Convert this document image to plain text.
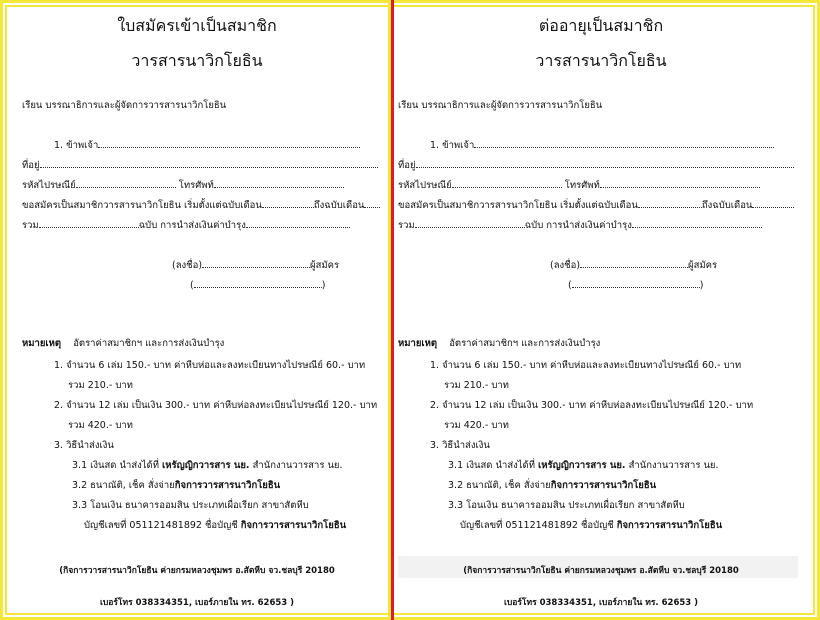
ใบสมัครเข้าเป็นสมาชิก
วารสารนาวิกโยธิน
เรียน บรรณาธิการและผู้จัดการวารสารนาวิกโยธิน
1. ข้าพเจ้า
ที่อยู่
รหัสไปรษณีย์	โทรศัพท์
ขอสมัครเป็นสมาชิกวารสารนาวิกโยธิน เริ่มตั้งแต่ฉบับเดือน	ถึงฉบับเดือน
รวม	ฉบับ การนำส่งเงินค่าบำรุง
(ลงชื่อ)	ผู้สมัคร
(	)
หมายเหตุ อัตราค่าสมาชิกฯ และการส่งเงินบำรุง
1. จำนวน 6 เล่ม 150.- บาท ค่าหีบห่อและลงทะเบียนทางไปรษณีย์ 60.- บาท
รวม 210.- บาท
2. จำนวน 12 เล่ม เป็นเงิน 300.- บาท ค่าหีบห่อลงทะเบียนไปรษณีย์ 120.- บาท
รวม 420.- บาท
3. วิธีนำส่งเงิน
3.1 เงินสด นำส่งได้ที่ เหรัญญิกวารสาร นย. สำนักงานวารสาร นย.
3.2 ธนาณัติ, เช็ค สั่งจ่ายกิจการวารสารนาวิกโยธิน
3.3 โอนเงิน ธนาคารออมสิน ประเภทเผื่อเรียก สาขาสัตหีบ
บัญชีเลขที่ 051121481892 ชื่อบัญชี กิจการวารสารนาวิกโยธิน
(กิจการวารสารนาวิกโยธิน ค่ายกรมหลวงชุมพร อ.สัตหีบ จว.ชลบุรี 20180
เบอร์โทร 038334351, เบอร์ภายใน ทร. 62653 )
ต่ออายุเป็นสมาชิก
วารสารนาวิกโยธิน
เรียน บรรณาธิการและผู้จัดการวารสารนาวิกโยธิน
1. ข้าพเจ้า
ที่อยู่
รหัสไปรษณีย์	โทรศัพท์
ขอสมัครเป็นสมาชิกวารสารนาวิกโยธิน เริ่มตั้งแต่ฉบับเดือน	ถึงฉบับเดือน
รวม	ฉบับ การนำส่งเงินค่าบำรุง
(ลงชื่อ)	ผู้สมัคร
(	)
หมายเหตุ อัตราค่าสมาชิกฯ และการส่งเงินบำรุง
1. จำนวน 6 เล่ม 150.- บาท ค่าหีบห่อและลงทะเบียนทางไปรษณีย์ 60.- บาท
รวม 210.- บาท
2. จำนวน 12 เล่ม เป็นเงิน 300.- บาท ค่าหีบห่อลงทะเบียนไปรษณีย์ 120.- บาท
รวม 420.- บาท
3. วิธีนำส่งเงิน
3.1 เงินสด นำส่งได้ที่ เหรัญญิกวารสาร นย. สำนักงานวารสาร นย.
3.2 ธนาณัติ, เช็ค สั่งจ่ายกิจการวารสารนาวิกโยธิน
3.3 โอนเงิน ธนาคารออมสิน ประเภทเผื่อเรียก สาขาสัตหีบ
บัญชีเลขที่ 051121481892 ชื่อบัญชี กิจการวารสารนาวิกโยธิน
(กิจการวารสารนาวิกโยธิน ค่ายกรมหลวงชุมพร อ.สัตหีบ จว.ชลบุรี 20180
เบอร์โทร 038334351, เบอร์ภายใน ทร. 62653 )
